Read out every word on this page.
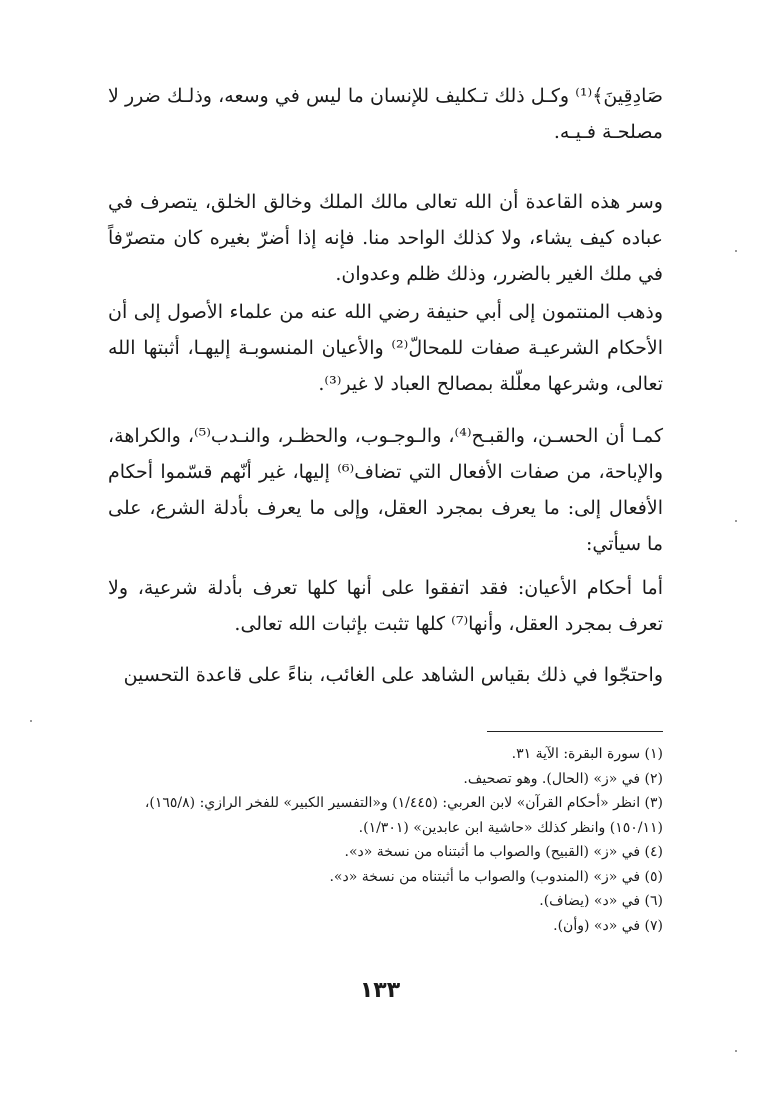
صَادِقِينَ﴾⁽¹⁾ وكـل ذلك تـكليف للإنسان ما ليس في وسعه، وذلـك ضرر لا مصلحـة فـيـه.

وسر هذه القاعدة أن الله تعالى مالك الملك وخالق الخلق، يتصرف في عباده كيف يشاء، ولا كذلك الواحد منا. فإنه إذا أضرّ بغيره كان متصرّفاً في ملك الغير بالضرر، وذلك ظلم وعدوان.

وذهب المنتمون إلى أبي حنيفة رضي الله عنه من علماء الأصول إلى أن الأحكام الشرعيـة صفات للمحالّ⁽²⁾ والأعيان المنسوبـة إليهـا، أثبتها الله تعالى، وشرعها معلّلة بمصالح العباد لا غير⁽³⁾.

كمـا أن الحسـن، والقبـح⁽⁴⁾، والـوجـوب، والحظـر، والنـدب⁽⁵⁾، والكراهة، والإباحة، من صفات الأفعال التي تضاف⁽⁶⁾ إليها، غير أنّهم قسّموا أحكام الأفعال إلى: ما يعرف بمجرد العقل، وإلى ما يعرف بأدلة الشرع، على ما سيأتي:

أما أحكام الأعيان: فقد اتفقوا على أنها كلها تعرف بأدلة شرعية، ولا تعرف بمجرد العقل، وأنها⁽⁷⁾ كلها تثبت بإثبات الله تعالى.

واحتجّوا في ذلك بقياس الشاهد على الغائب، بناءً على قاعدة التحسين

(١) سورة البقرة: الآية ٣١.

(٢) في «ز» (الحال). وهو تصحيف.

(٣) انظر «أحكام القرآن» لابن العربي: (١/٤٤٥) و«التفسير الكبير» للفخر الرازي: (١٦٥/٨)، (١٥٠/١١) وانظر كذلك «حاشية ابن عابدين» (١/٣٠١).

(٤) في «ز» (القبيح) والصواب ما أثبتناه من نسخة «د».

(٥) في «ز» (المندوب) والصواب ما أثبتناه من نسخة «د».

(٦) في «د» (يضاف).

(٧) في «د» (وأن).

١٣٣
